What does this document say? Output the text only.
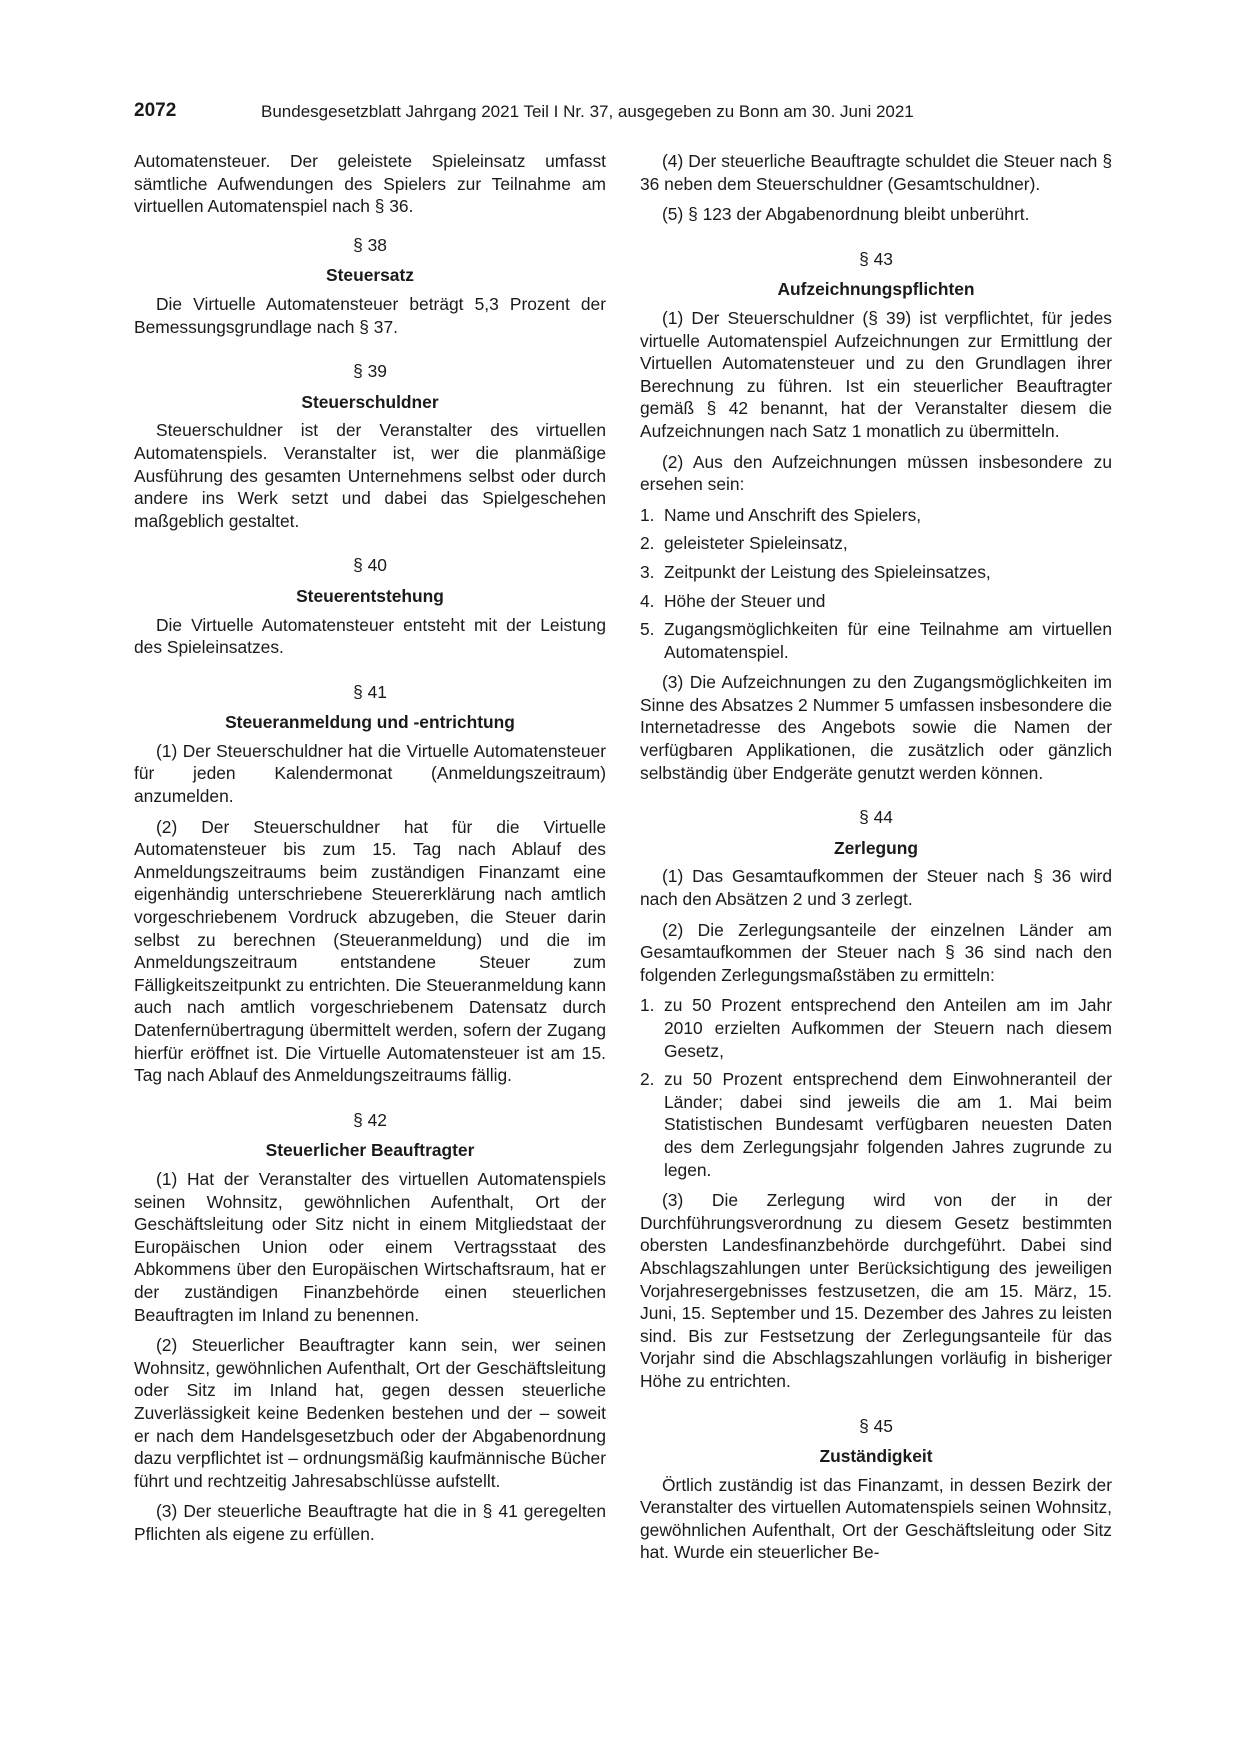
2072	Bundesgesetzblatt Jahrgang 2021 Teil I Nr. 37, ausgegeben zu Bonn am 30. Juni 2021

Automatensteuer. Der geleistete Spieleinsatz umfasst sämtliche Aufwendungen des Spielers zur Teilnahme am virtuellen Automatenspiel nach § 36.

§ 38
Steuersatz

Die Virtuelle Automatensteuer beträgt 5,3 Prozent der Bemessungsgrundlage nach § 37.

§ 39
Steuerschuldner

Steuerschuldner ist der Veranstalter des virtuellen Automatenspiels. Veranstalter ist, wer die planmäßige Ausführung des gesamten Unternehmens selbst oder durch andere ins Werk setzt und dabei das Spielgeschehen maßgeblich gestaltet.

§ 40
Steuerentstehung

Die Virtuelle Automatensteuer entsteht mit der Leistung des Spieleinsatzes.

§ 41
Steueranmeldung und -entrichtung

(1) Der Steuerschuldner hat die Virtuelle Automatensteuer für jeden Kalendermonat (Anmeldungszeitraum) anzumelden.

(2) Der Steuerschuldner hat für die Virtuelle Automatensteuer bis zum 15. Tag nach Ablauf des Anmeldungszeitraums beim zuständigen Finanzamt eine eigenhändig unterschriebene Steuererklärung nach amtlich vorgeschriebenem Vordruck abzugeben, die Steuer darin selbst zu berechnen (Steueranmeldung) und die im Anmeldungszeitraum entstandene Steuer zum Fälligkeitszeitpunkt zu entrichten. Die Steueranmeldung kann auch nach amtlich vorgeschriebenem Datensatz durch Datenfernübertragung übermittelt werden, sofern der Zugang hierfür eröffnet ist. Die Virtuelle Automatensteuer ist am 15. Tag nach Ablauf des Anmeldungszeitraums fällig.

§ 42
Steuerlicher Beauftragter

(1) Hat der Veranstalter des virtuellen Automatenspiels seinen Wohnsitz, gewöhnlichen Aufenthalt, Ort der Geschäftsleitung oder Sitz nicht in einem Mitgliedstaat der Europäischen Union oder einem Vertragsstaat des Abkommens über den Europäischen Wirtschaftsraum, hat er der zuständigen Finanzbehörde einen steuerlichen Beauftragten im Inland zu benennen.

(2) Steuerlicher Beauftragter kann sein, wer seinen Wohnsitz, gewöhnlichen Aufenthalt, Ort der Geschäftsleitung oder Sitz im Inland hat, gegen dessen steuerliche Zuverlässigkeit keine Bedenken bestehen und der – soweit er nach dem Handelsgesetzbuch oder der Abgabenordnung dazu verpflichtet ist – ordnungsmäßig kaufmännische Bücher führt und rechtzeitig Jahresabschlüsse aufstellt.

(3) Der steuerliche Beauftragte hat die in § 41 geregelten Pflichten als eigene zu erfüllen.

(4) Der steuerliche Beauftragte schuldet die Steuer nach § 36 neben dem Steuerschuldner (Gesamtschuldner).

(5) § 123 der Abgabenordnung bleibt unberührt.

§ 43
Aufzeichnungspflichten

(1) Der Steuerschuldner (§ 39) ist verpflichtet, für jedes virtuelle Automatenspiel Aufzeichnungen zur Ermittlung der Virtuellen Automatensteuer und zu den Grundlagen ihrer Berechnung zu führen. Ist ein steuerlicher Beauftragter gemäß § 42 benannt, hat der Veranstalter diesem die Aufzeichnungen nach Satz 1 monatlich zu übermitteln.

(2) Aus den Aufzeichnungen müssen insbesondere zu ersehen sein:

1. Name und Anschrift des Spielers,
2. geleisteter Spieleinsatz,
3. Zeitpunkt der Leistung des Spieleinsatzes,
4. Höhe der Steuer und
5. Zugangsmöglichkeiten für eine Teilnahme am virtuellen Automatenspiel.

(3) Die Aufzeichnungen zu den Zugangsmöglichkeiten im Sinne des Absatzes 2 Nummer 5 umfassen insbesondere die Internetadresse des Angebots sowie die Namen der verfügbaren Applikationen, die zusätzlich oder gänzlich selbständig über Endgeräte genutzt werden können.

§ 44
Zerlegung

(1) Das Gesamtaufkommen der Steuer nach § 36 wird nach den Absätzen 2 und 3 zerlegt.

(2) Die Zerlegungsanteile der einzelnen Länder am Gesamtaufkommen der Steuer nach § 36 sind nach den folgenden Zerlegungsmaßstäben zu ermitteln:

1. zu 50 Prozent entsprechend den Anteilen am im Jahr 2010 erzielten Aufkommen der Steuern nach diesem Gesetz,
2. zu 50 Prozent entsprechend dem Einwohneranteil der Länder; dabei sind jeweils die am 1. Mai beim Statistischen Bundesamt verfügbaren neuesten Daten des dem Zerlegungsjahr folgenden Jahres zugrunde zu legen.

(3) Die Zerlegung wird von der in der Durchführungsverordnung zu diesem Gesetz bestimmten obersten Landesfinanzbehörde durchgeführt. Dabei sind Abschlagszahlungen unter Berücksichtigung des jeweiligen Vorjahresergebnisses festzusetzen, die am 15. März, 15. Juni, 15. September und 15. Dezember des Jahres zu leisten sind. Bis zur Festsetzung der Zerlegungsanteile für das Vorjahr sind die Abschlagszahlungen vorläufig in bisheriger Höhe zu entrichten.

§ 45
Zuständigkeit

Örtlich zuständig ist das Finanzamt, in dessen Bezirk der Veranstalter des virtuellen Automatenspiels seinen Wohnsitz, gewöhnlichen Aufenthalt, Ort der Geschäftsleitung oder Sitz hat. Wurde ein steuerlicher Be-
